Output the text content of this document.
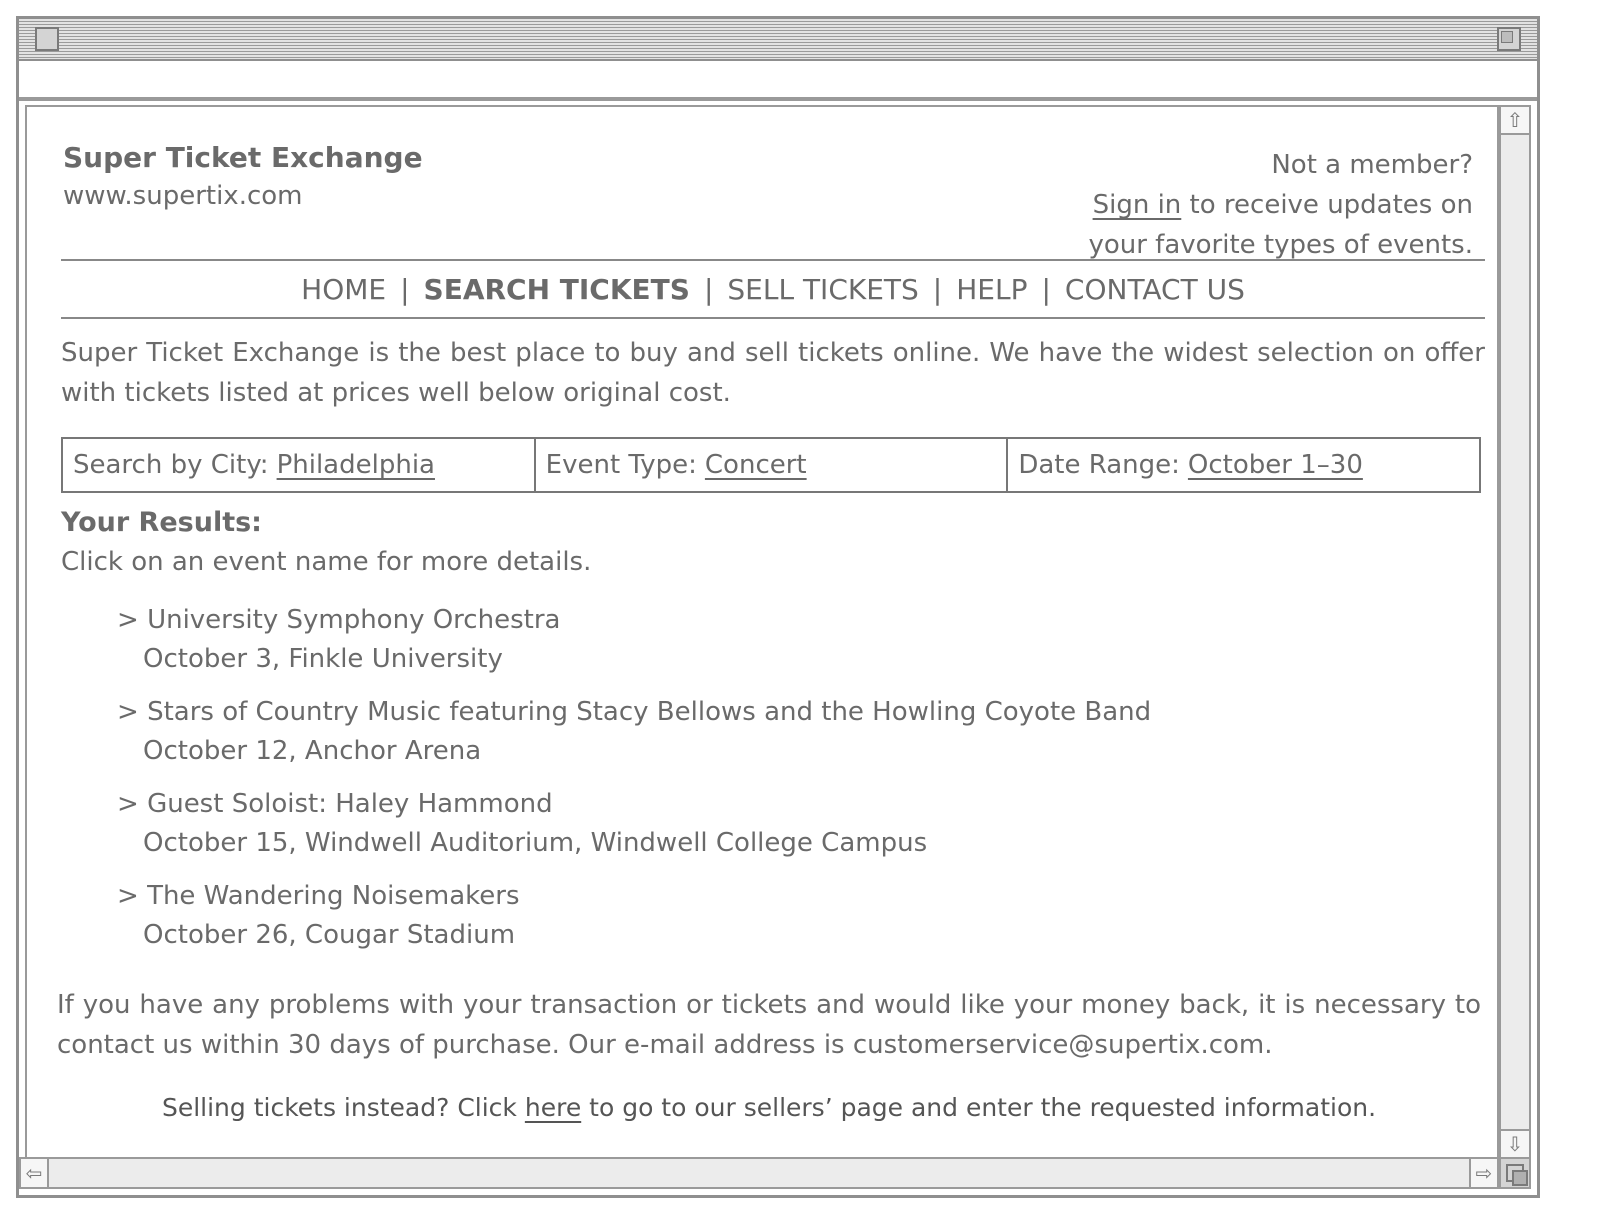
Super Ticket Exchange
www.supertix.com
Not a member?
Sign in to receive updates on
your favorite types of events.
HOME | SEARCH TICKETS | SELL TICKETS | HELP | CONTACT US

Super Ticket Exchange is the best place to buy and sell tickets online. We have the widest selection on offer with tickets listed at prices well below original cost.

Search by City: Philadelphia	Event Type: Concert	Date Range: October 1–30
Your Results:
Click on an event name for more details.
> University Symphony Orchestra
October 3, Finkle University
> Stars of Country Music featuring Stacy Bellows and the Howling Coyote Band
October 12, Anchor Arena
> Guest Soloist: Haley Hammond
October 15, Windwell Auditorium, Windwell College Campus
> The Wandering Noisemakers
October 26, Cougar Stadium

If you have any problems with your transaction or tickets and would like your money back, it is necessary to contact us within 30 days of purchase. Our e-mail address is customerservice@supertix.com.

Selling tickets instead? Click here to go to our sellers’ page and enter the requested information.
⇧
⇩
⇦	⇨
